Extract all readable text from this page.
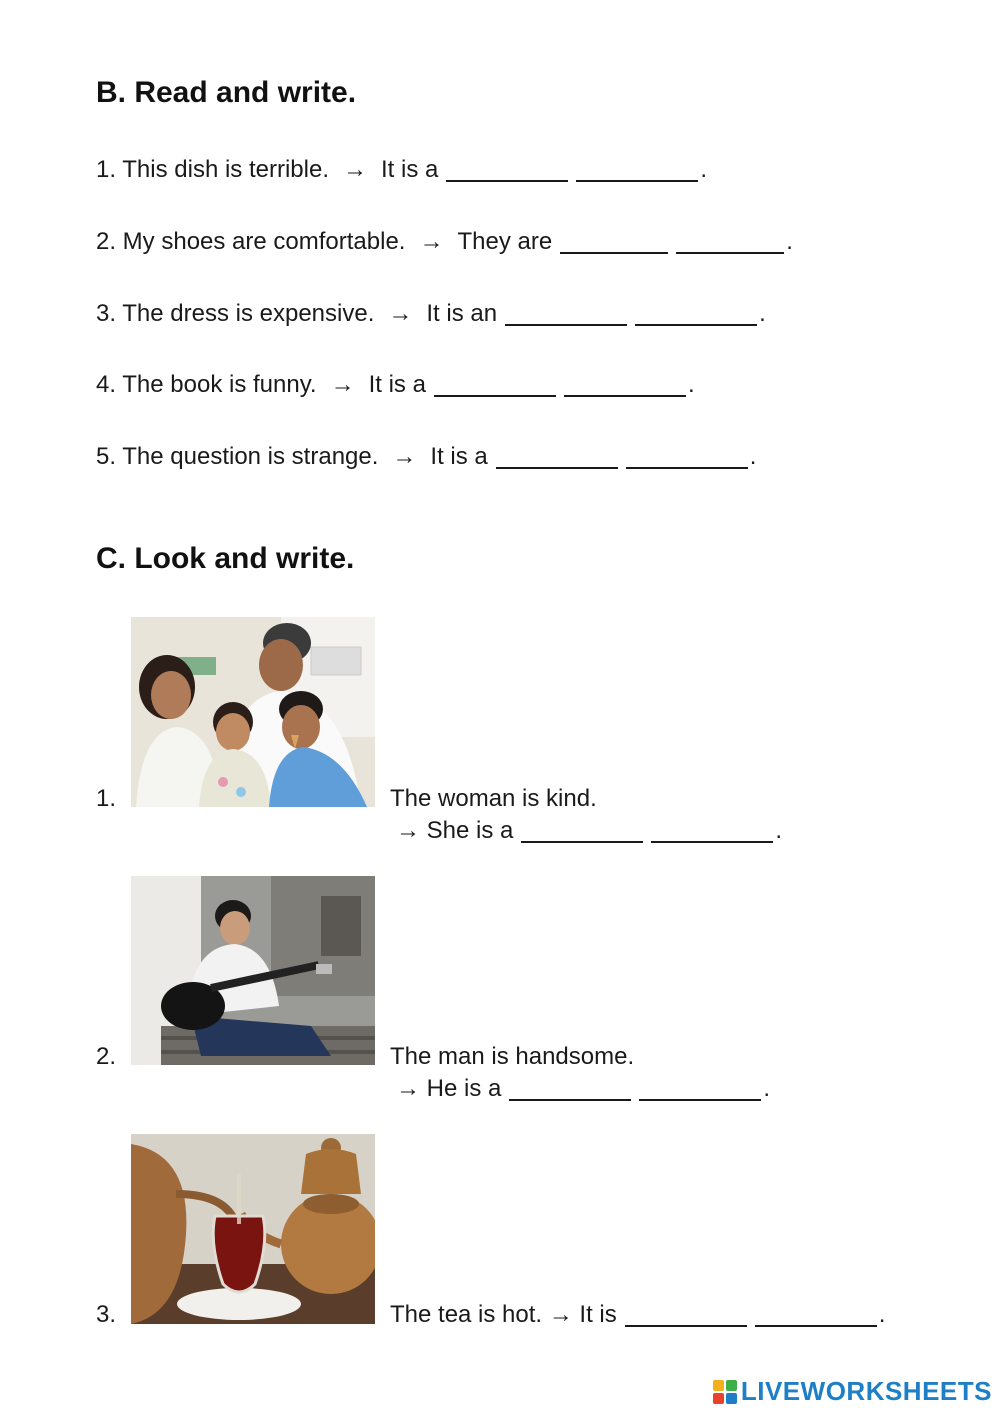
B. Read and write.
1. This dish is terrible. → It is a	.
2. My shoes are comfortable. → They are	.
3. The dress is expensive. → It is an	.
4. The book is funny. → It is a	.
5. The question is strange. → It is a	.
C. Look and write.
1.	The woman is kind.
→ She is a	.
2.	The man is handsome.
→ He is a	.
3.	The tea is hot. → It is	.
LIVEWORKSHEETS
